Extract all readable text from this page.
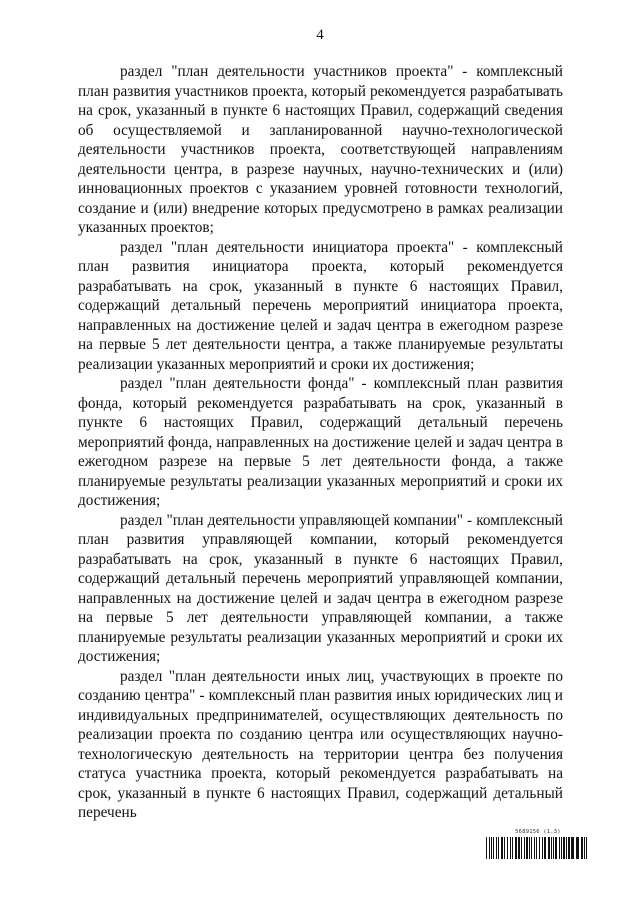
4

раздел "план деятельности участников проекта" - комплексный план развития участников проекта, который рекомендуется разрабатывать на срок, указанный в пункте 6 настоящих Правил, содержащий сведения об осуществляемой и запланированной научно-технологической деятельности участников проекта, соответствующей направлениям деятельности центра, в разрезе научных, научно-технических и (или) инновационных проектов с указанием уровней готовности технологий, создание и (или) внедрение которых предусмотрено в рамках реализации указанных проектов;

раздел "план деятельности инициатора проекта" - комплексный план развития инициатора проекта, который рекомендуется разрабатывать на срок, указанный в пункте 6 настоящих Правил, содержащий детальный перечень мероприятий инициатора проекта, направленных на достижение целей и задач центра в ежегодном разрезе на первые 5 лет деятельности центра, а также планируемые результаты реализации указанных мероприятий и сроки их достижения;

раздел "план деятельности фонда" - комплексный план развития фонда, который рекомендуется разрабатывать на срок, указанный в пункте 6 настоящих Правил, содержащий детальный перечень мероприятий фонда, направленных на достижение целей и задач центра в ежегодном разрезе на первые 5 лет деятельности фонда, а также планируемые результаты реализации указанных мероприятий и сроки их достижения;

раздел "план деятельности управляющей компании" - комплексный план развития управляющей компании, который рекомендуется разрабатывать на срок, указанный в пункте 6 настоящих Правил, содержащий детальный перечень мероприятий управляющей компании, направленных на достижение целей и задач центра в ежегодном разрезе на первые 5 лет деятельности управляющей компании, а также планируемые результаты реализации указанных мероприятий и сроки их достижения;

раздел "план деятельности иных лиц, участвующих в проекте по созданию центра" - комплексный план развития иных юридических лиц и индивидуальных предпринимателей, осуществляющих деятельность по реализации проекта по созданию центра или осуществляющих научно-технологическую деятельность на территории центра без получения статуса участника проекта, который рекомендуется разрабатывать на срок, указанный в пункте 6 настоящих Правил, содержащий детальный перечень

5689156 (1.3)
